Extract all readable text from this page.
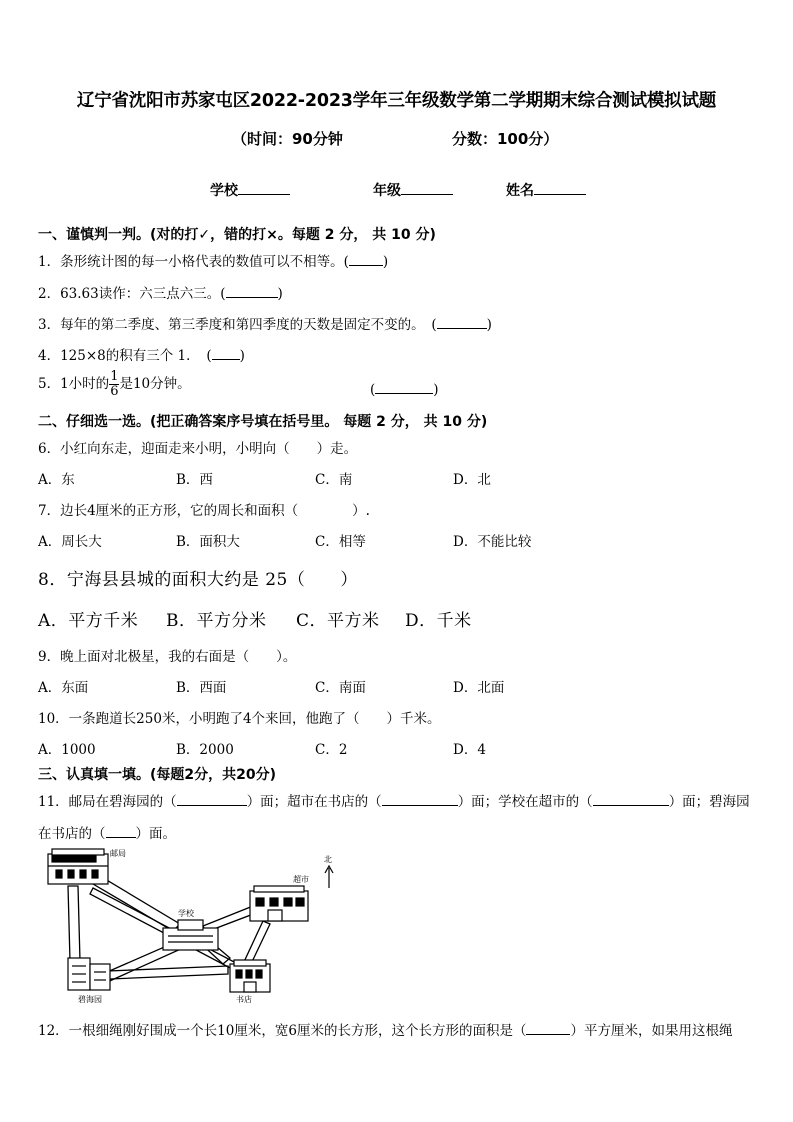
辽宁省沈阳市苏家屯区2022-2023学年三年级数学第二学期期末综合测试模拟试题
（时间：90分钟	分数：100分）
学校	年级	姓名
一、谨慎判一判。(对的打✓，错的打×。每题 2 分， 共 10 分)
1．条形统计图的每一小格代表的数值可以不相等。(	)
2．63.63读作：六三点六三。(	)
3．每年的第二季度、第三季度和第四季度的天数是固定不变的。　(	)
4．125×8的积有三个 1．　( )
5．1小时的 $\frac{1}{6}$ 是10分钟。	(	)
二、仔细选一选。(把正确答案序号填在括号里。 每题 2 分， 共 10 分)
6．小红向东走，迎面走来小明，小明向（　　）走。
A．东	B．西	C．南	D．北
7．边长4厘米的正方形，它的周长和面积（　　　　）.
A．周长大	B．面积大	C．相等	D．不能比较
8．宁海县县城的面积大约是 25（　　）
A．平方千米 B．平方分米 C．平方米 D．千米
9．晚上面对北极星，我的右面是（　　）。
A．东面	B．西面	C．南面	D．北面
10．一条跑道长250米，小明跑了4个来回，他跑了（　　）千米。
A．1000	B．2000	C．2	D．4
三、认真填一填。(每题2分，共20分)
11．邮局在碧海园的（	）面；超市在书店的（	）面；学校在超市的（	）面；碧海园
在书店的（ ）面。
邮局
超市
北
学校
碧海园	书店
12．一根细绳刚好围成一个长10厘米，宽6厘米的长方形，这个长方形的面积是（	）平方厘米，如果用这根绳
